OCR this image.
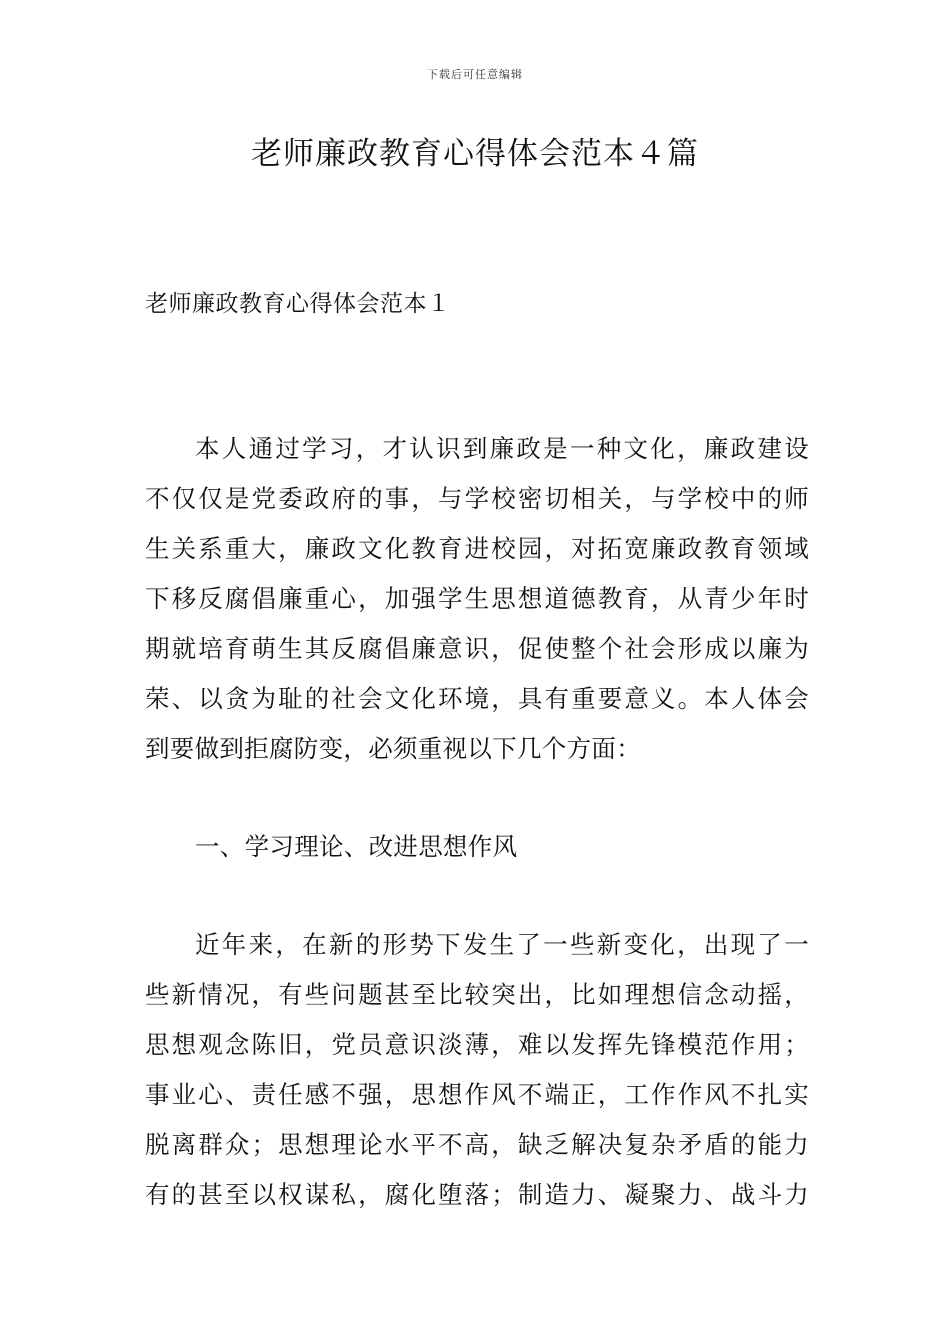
下载后可任意编辑
老师廉政教育心得体会范本４篇
老师廉政教育心得体会范本１
本人通过学习，才认识到廉政是一种文化，廉政建设
不仅仅是党委政府的事，与学校密切相关，与学校中的师
生关系重大，廉政文化教育进校园，对拓宽廉政教育领域
下移反腐倡廉重心，加强学生思想道德教育，从青少年时
期就培育萌生其反腐倡廉意识，促使整个社会形成以廉为
荣、以贪为耻的社会文化环境，具有重要意义。本人体会
到要做到拒腐防变，必须重视以下几个方面：
一、学习理论、改进思想作风
近年来，在新的形势下发生了一些新变化，出现了一
些新情况，有些问题甚至比较突出，比如理想信念动摇，
思想观念陈旧，党员意识淡薄，难以发挥先锋模范作用；
事业心、责任感不强，思想作风不端正，工作作风不扎实
脱离群众；思想理论水平不高，缺乏解决复杂矛盾的能力
有的甚至以权谋私，腐化堕落；制造力、凝聚力、战斗力
